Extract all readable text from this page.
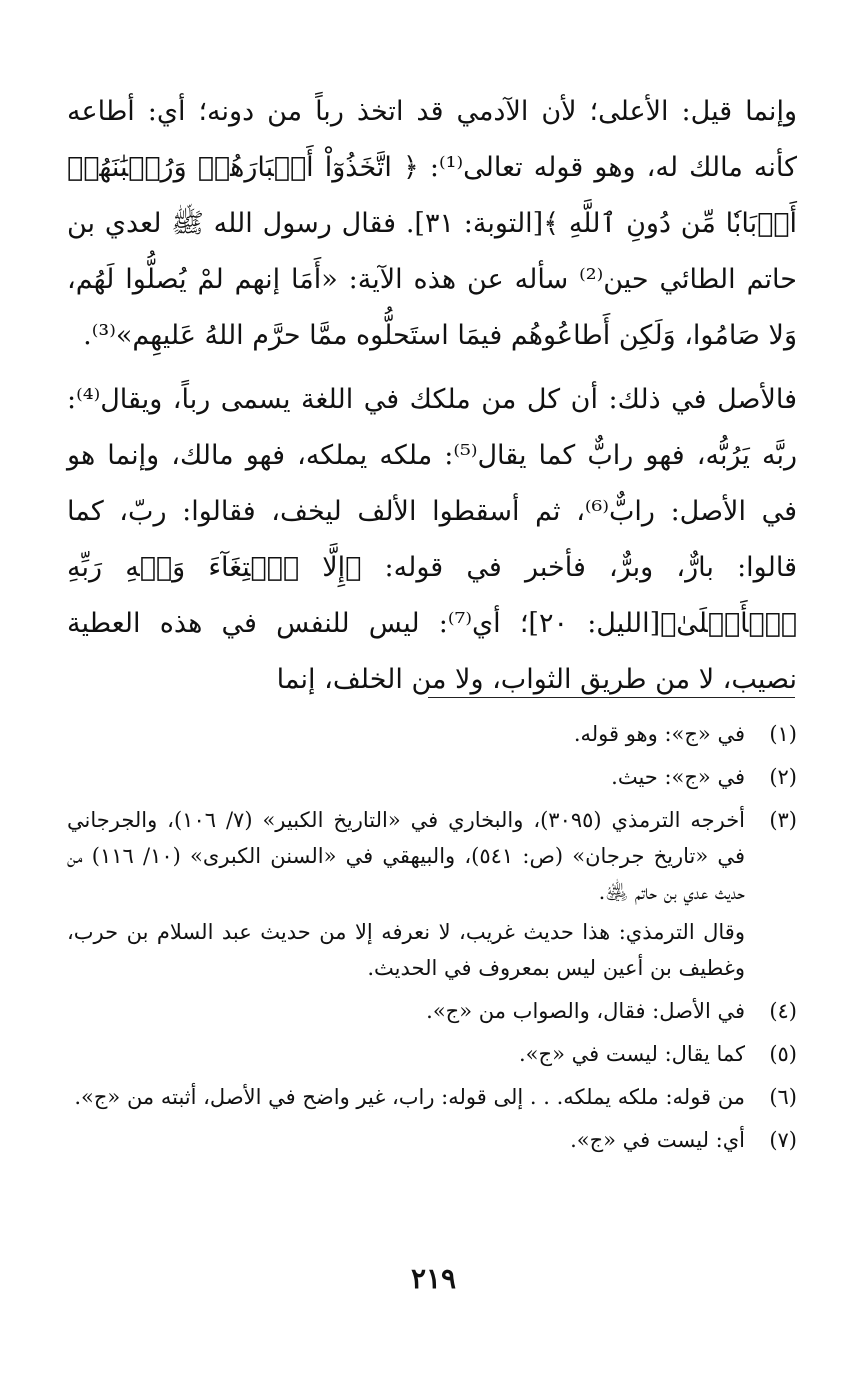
وإنما قيل: الأعلى؛ لأن الآدمي قد اتخذ رباً من دونه؛ أي: أطاعه كأنه مالك له، وهو قوله تعالى⁽¹⁾: ﴿ اتَّخَذُوٓاْ أَحۡبَارَهُمۡ وَرُهۡبَٰنَهُمۡ أَرۡبَابٗا مِّن دُونِ ٱللَّهِ ﴾[التوبة: ٣١]. فقال رسول الله ﷺ لعدي بن حاتم الطائي حين⁽²⁾ سأله عن هذه الآية: «أَمَا إنهم لمْ يُصلُّوا لَهُم، وَلا صَامُوا، وَلَكِن أَطاعُوهُم فيمَا استَحلُّوه ممَّا حرَّم اللهُ عَليهِم»⁽³⁾.

فالأصل في ذلك: أن كل من ملكك في اللغة يسمى رباً، ويقال⁽⁴⁾: ربَّه يَرُبُّه، فهو رابٌّ كما يقال⁽⁵⁾: ملكه يملكه، فهو مالك، وإنما هو في الأصل: رابٌّ⁽⁶⁾، ثم أسقطوا الألف ليخف، فقالوا: ربّ، كما قالوا: بارٌّ، وبرٌّ، فأخبر في قوله: ﴿إِلَّا ٱبۡتِغَآءَ وَجۡهِ رَبِّهِ ٱلۡأَعۡلَىٰ﴾[الليل: ٢٠]؛ أي⁽⁷⁾: ليس للنفس في هذه العطية نصيب، لا من طريق الثواب، ولا من الخلف، إنما

(١)
في «ج»: وهو قوله.
(٢)
في «ج»: حيث.
(٣)
أخرجه الترمذي (٣٠٩٥)، والبخاري في «التاريخ الكبير» (٧/ ١٠٦)، والجرجاني في «تاريخ جرجان» (ص: ٥٤١)، والبيهقي في «السنن الكبرى» (١٠/ ١١٦) من حديث عدي بن حاتم ﵁.
وقال الترمذي: هذا حديث غريب، لا نعرفه إلا من حديث عبد السلام بن حرب، وغطيف بن أعين ليس بمعروف في الحديث.
(٤)
في الأصل: فقال، والصواب من «ج».
(٥)
كما يقال: ليست في «ج».
(٦)
من قوله: ملكه يملكه. . . إلى قوله: راب، غير واضح في الأصل، أثبته من «ج».
(٧)
أي: ليست في «ج».
٢١٩
